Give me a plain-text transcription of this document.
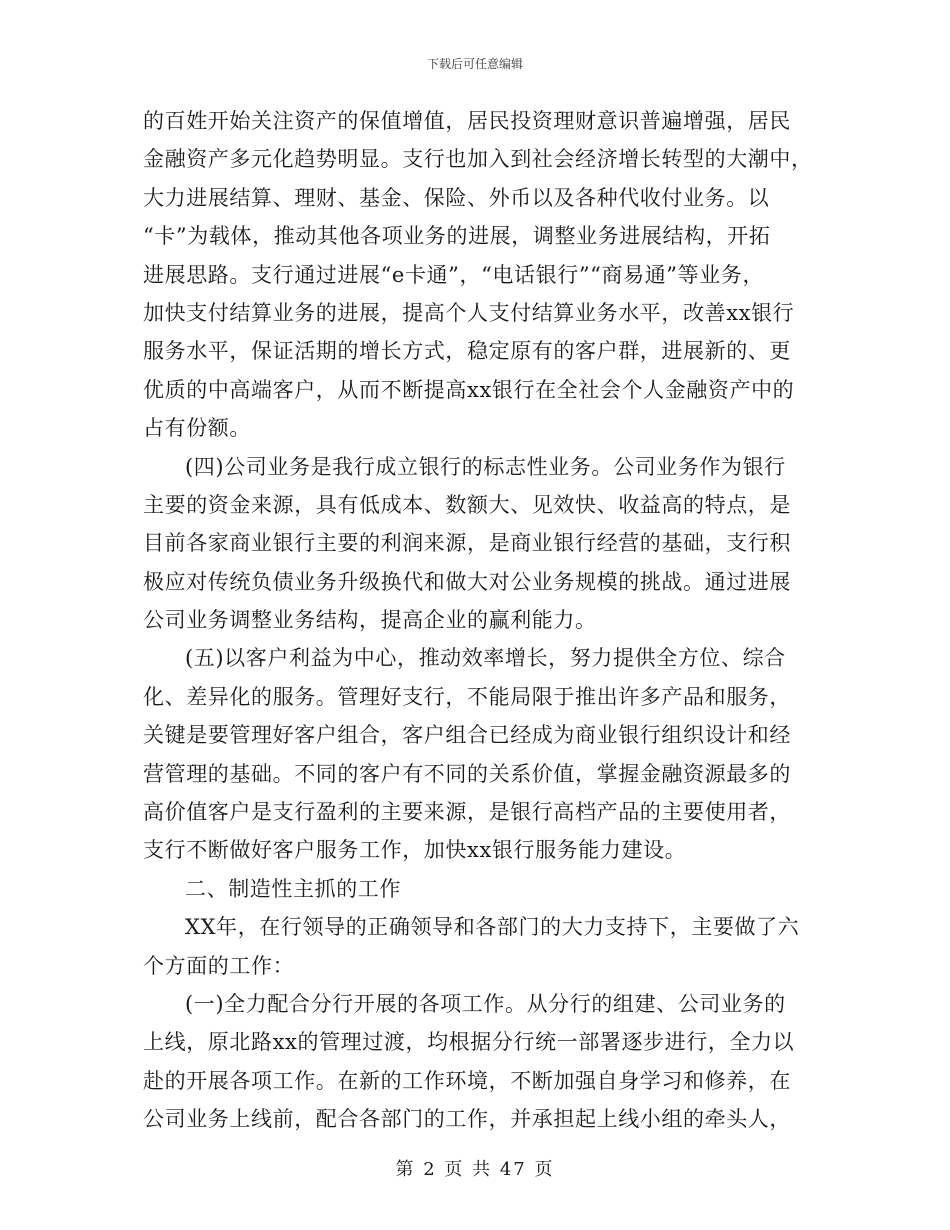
下载后可任意编辑
的百姓开始关注资产的保值增值，居民投资理财意识普遍增强，居民
金融资产多元化趋势明显。支行也加入到社会经济增长转型的大潮中，
大力进展结算、理财、基金、保险、外币以及各种代收付业务。以
“卡”为载体，推动其他各项业务的进展，调整业务进展结构，开拓
进展思路。支行通过进展“e卡通”，“电话银行”“商易通”等业务，
加快支付结算业务的进展，提高个人支付结算业务水平，改善xx银行
服务水平，保证活期的增长方式，稳定原有的客户群，进展新的、更
优质的中高端客户，从而不断提高xx银行在全社会个人金融资产中的
占有份额。
(四)公司业务是我行成立银行的标志性业务。公司业务作为银行
主要的资金来源，具有低成本、数额大、见效快、收益高的特点，是
目前各家商业银行主要的利润来源，是商业银行经营的基础，支行积
极应对传统负债业务升级换代和做大对公业务规模的挑战。通过进展
公司业务调整业务结构，提高企业的赢利能力。
(五)以客户利益为中心，推动效率增长，努力提供全方位、综合
化、差异化的服务。管理好支行，不能局限于推出许多产品和服务，
关键是要管理好客户组合，客户组合已经成为商业银行组织设计和经
营管理的基础。不同的客户有不同的关系价值，掌握金融资源最多的
高价值客户是支行盈利的主要来源，是银行高档产品的主要使用者，
支行不断做好客户服务工作，加快xx银行服务能力建设。
二、制造性主抓的工作
XX年，在行领导的正确领导和各部门的大力支持下，主要做了六
个方面的工作：
(一)全力配合分行开展的各项工作。从分行的组建、公司业务的
上线，原北路xx的管理过渡，均根据分行统一部署逐步进行，全力以
赴的开展各项工作。在新的工作环境，不断加强自身学习和修养，在
公司业务上线前，配合各部门的工作，并承担起上线小组的牵头人，
第 2 页 共 47 页
